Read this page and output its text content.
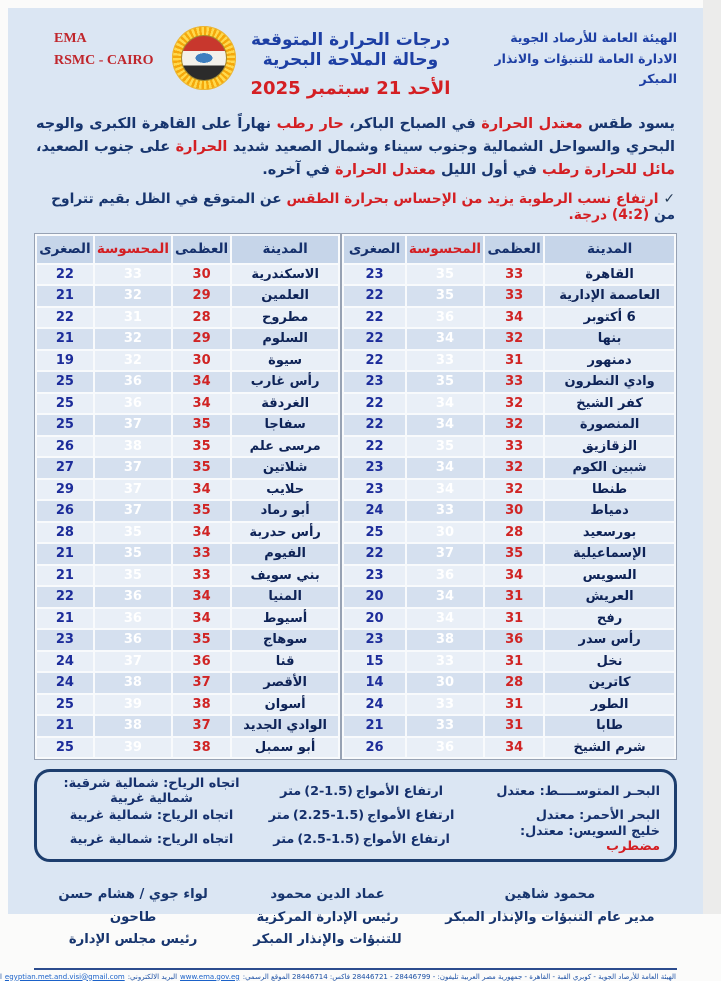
EMA
RSMC - CAIRO
درجات الحرارة المتوقعة وحالة الملاحة البحرية
الأحد 21 سبتمبر 2025
الهيئة العامة للأرصاد الجوية
الادارة العامة للتنبؤات والانذار المبكر
يسود طقس معتدل الحرارة في الصباح الباكر، حار رطب نهاراً على القاهرة الكبرى والوجه البحري والسواحل الشمالية وجنوب سيناء وشمال الصعيد شديد الحرارة على جنوب الصعيد، مائل للحرارة رطب في أول الليل معتدل الحرارة في آخره.
✓ارتفاع نسب الرطوبة يزيد من الإحساس بحرارة الطقس عن المتوقع في الظل بقيم تتراوح من (4:2) درجة.
المدينة	العظمى	المحسوسة	الصغرى
الاسكندرية	30	33	22
العلمين	29	32	21
مطروح	28	31	22
السلوم	29	32	21
سيوة	30	32	19
رأس غارب	34	36	25
الغردقة	34	36	25
سفاجا	35	37	25
مرسى علم	35	38	26
شلاتين	35	37	27
حلايب	34	37	29
أبو رماد	35	37	26
رأس حدربة	34	35	28
الفيوم	33	35	21
بني سويف	33	35	21
المنيا	34	36	22
أسيوط	34	36	21
سوهاج	35	36	23
قنا	36	37	24
الأقصر	37	38	24
أسوان	38	39	25
الوادي الجديد	37	38	21
أبو سمبل	38	39	25
المدينة	العظمى	المحسوسة	الصغرى
القاهرة	33	35	23
العاصمة الإدارية	33	35	22
6 أكتوبر	34	36	22
بنها	32	34	22
دمنهور	31	33	22
وادي النطرون	33	35	23
كفر الشيخ	32	34	22
المنصورة	32	34	22
الزقازيق	33	35	22
شبين الكوم	32	34	23
طنطا	32	34	23
دمياط	30	33	24
بورسعيد	28	30	25
الإسماعيلية	35	37	22
السويس	34	36	23
العريش	31	34	20
رفح	31	34	20
رأس سدر	36	38	23
نخل	31	33	15
كاترين	28	30	14
الطور	31	33	24
طابا	31	33	21
شرم الشيخ	34	36	26
البحـر المتوســــط: معتدل
ارتفاع الأمواج(2-1.5)متر
اتجاه الرياح: شمالية شرقية: شمالية غربية
البحر الأحمر: معتدل
ارتفاع الأمواج(2.25-1.5)متر
اتجاه الرياح: شمالية غربية
خليج السويس: معتدل: مضطرب
ارتفاع الأمواج(2.5-1.5)متر
اتجاه الرياح: شمالية غربية
محمود شاهين
مدير عام التنبؤات والإنذار المبكر
عماد الدين محمود
رئيس الإدارة المركزية للتنبؤات والإنذار المبكر
لواء جوي / هشام حسن طاحون
رئيس مجلس الإدارة
الهيئة العامة للأرصاد الجوية - كوبري القبة - القاهرة - جمهورية مصر العربية تليفون: - 28446799 - 28446721 فاكس: 28446714 الموقع الرسمي:www.ema.gov.egالبريد الالكتروني:egyptian.met.and.visi@gmail.com
